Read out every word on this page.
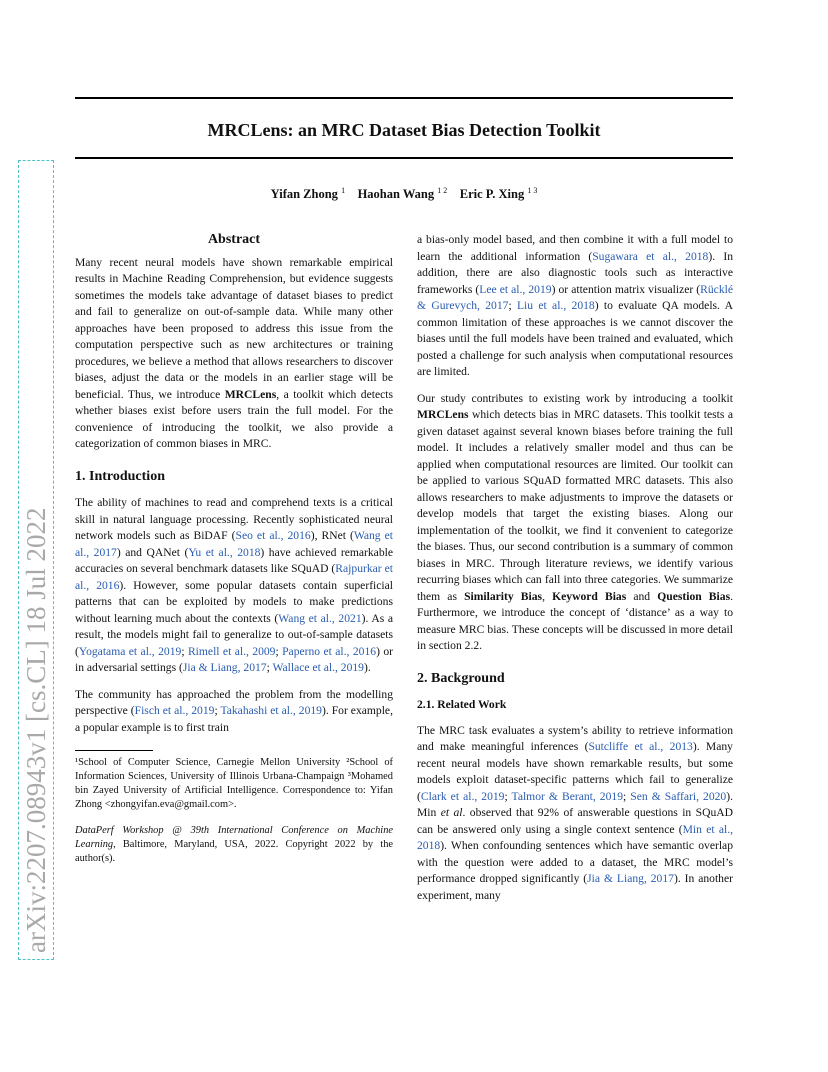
arXiv:2207.08943v1 [cs.CL] 18 Jul 2022
MRCLens: an MRC Dataset Bias Detection Toolkit
Yifan Zhong $^1$ Haohan Wang $^{1 2}$ Eric P. Xing $^{1 3}$
Abstract

Many recent neural models have shown remarkable empirical results in Machine Reading Comprehension, but evidence suggests sometimes the models take advantage of dataset biases to predict and fail to generalize on out-of-sample data. While many other approaches have been proposed to address this issue from the computation perspective such as new architectures or training procedures, we believe a method that allows researchers to discover biases, adjust the data or the models in an earlier stage will be beneficial. Thus, we introduce MRCLens, a toolkit which detects whether biases exist before users train the full model. For the convenience of introducing the toolkit, we also provide a categorization of common biases in MRC.

1. Introduction

The ability of machines to read and comprehend texts is a critical skill in natural language processing. Recently sophisticated neural network models such as BiDAF (Seo et al., 2016), RNet (Wang et al., 2017) and QANet (Yu et al., 2018) have achieved remarkable accuracies on several benchmark datasets like SQuAD (Rajpurkar et al., 2016). However, some popular datasets contain superficial patterns that can be exploited by models to make predictions without learning much about the contexts (Wang et al., 2021). As a result, the models might fail to generalize to out-of-sample datasets (Yogatama et al., 2019; Rimell et al., 2009; Paperno et al., 2016) or in adversarial settings (Jia & Liang, 2017; Wallace et al., 2019).

The community has approached the problem from the modelling perspective (Fisch et al., 2019; Takahashi et al., 2019). For example, a popular example is to first train

¹School of Computer Science, Carnegie Mellon University ²School of Information Sciences, University of Illinois Urbana-Champaign ³Mohamed bin Zayed University of Artificial Intelligence. Correspondence to: Yifan Zhong <zhongyifan.eva@gmail.com>.
DataPerf Workshop @ 39th International Conference on Machine Learning, Baltimore, Maryland, USA, 2022. Copyright 2022 by the author(s).

a bias-only model based, and then combine it with a full model to learn the additional information (Sugawara et al., 2018). In addition, there are also diagnostic tools such as interactive frameworks (Lee et al., 2019) or attention matrix visualizer (Rücklé & Gurevych, 2017; Liu et al., 2018) to evaluate QA models. A common limitation of these approaches is we cannot discover the biases until the full models have been trained and evaluated, which posted a challenge for such analysis when computational resources are limited.

Our study contributes to existing work by introducing a toolkit MRCLens which detects bias in MRC datasets. This toolkit tests a given dataset against several known biases before training the full model. It includes a relatively smaller model and thus can be applied when computational resources are limited. Our toolkit can be applied to various SQuAD formatted MRC datasets. This also allows researchers to make adjustments to improve the datasets or develop models that target the existing biases. Along our implementation of the toolkit, we find it convenient to categorize the biases. Thus, our second contribution is a summary of common biases in MRC. Through literature reviews, we identify various recurring biases which can fall into three categories. We summarize them as Similarity Bias, Keyword Bias and Question Bias. Furthermore, we introduce the concept of ‘distance’ as a way to measure MRC bias. These concepts will be discussed in more detail in section 2.2.

2. Background
2.1. Related Work

The MRC task evaluates a system’s ability to retrieve information and make meaningful inferences (Sutcliffe et al., 2013). Many recent neural models have shown remarkable results, but some models exploit dataset-specific patterns which fail to generalize (Clark et al., 2019; Talmor & Berant, 2019; Sen & Saffari, 2020). Min et al. observed that 92% of answerable questions in SQuAD can be answered only using a single context sentence (Min et al., 2018). When confounding sentences which have semantic overlap with the question were added to a dataset, the MRC model’s performance dropped significantly (Jia & Liang, 2017). In another experiment, many
